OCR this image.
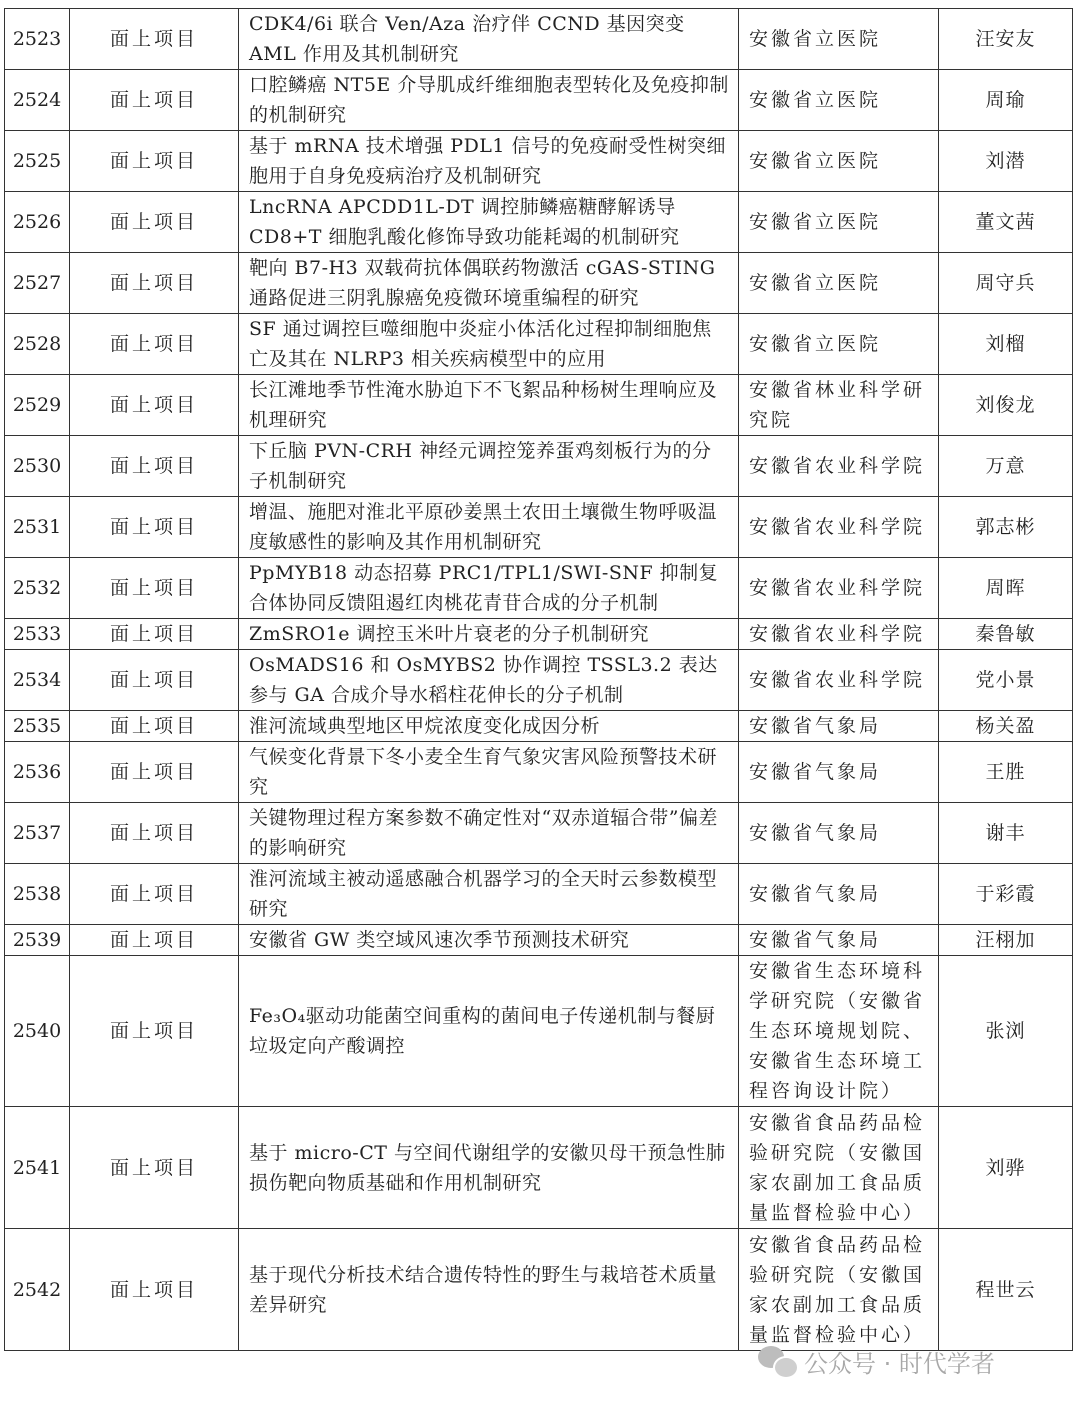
2523	面上项目	CDK4/6i 联合 Ven/Aza 治疗伴 CCND 基因突变 AML 作用及其机制研究	安徽省立医院	汪安友
2524	面上项目	口腔鳞癌 NT5E 介导肌成纤维细胞表型转化及免疫抑制的机制研究	安徽省立医院	周瑜
2525	面上项目	基于 mRNA 技术增强 PDL1 信号的免疫耐受性树突细胞用于自身免疫病治疗及机制研究	安徽省立医院	刘潜
2526	面上项目	LncRNA APCDD1L-DT 调控肺鳞癌糖酵解诱导 CD8+T 细胞乳酸化修饰导致功能耗竭的机制研究	安徽省立医院	董文茜
2527	面上项目	靶向 B7-H3 双载荷抗体偶联药物激活 cGAS-STING 通路促进三阴乳腺癌免疫微环境重编程的研究	安徽省立医院	周守兵
2528	面上项目	SF 通过调控巨噬细胞中炎症小体活化过程抑制细胞焦亡及其在 NLRP3 相关疾病模型中的应用	安徽省立医院	刘榴
2529	面上项目	长江滩地季节性淹水胁迫下不飞絮品种杨树生理响应及机理研究	安徽省林业科学研究院	刘俊龙
2530	面上项目	下丘脑 PVN-CRH 神经元调控笼养蛋鸡刻板行为的分子机制研究	安徽省农业科学院	万意
2531	面上项目	增温、施肥对淮北平原砂姜黑土农田土壤微生物呼吸温度敏感性的影响及其作用机制研究	安徽省农业科学院	郭志彬
2532	面上项目	PpMYB18 动态招募 PRC1/TPL1/SWI-SNF 抑制复合体协同反馈阻遏红肉桃花青苷合成的分子机制	安徽省农业科学院	周晖
2533	面上项目	ZmSRO1e 调控玉米叶片衰老的分子机制研究	安徽省农业科学院	秦鲁敏
2534	面上项目	OsMADS16 和 OsMYBS2 协作调控 TSSL3.2 表达参与 GA 合成介导水稻柱花伸长的分子机制	安徽省农业科学院	党小景
2535	面上项目	淮河流域典型地区甲烷浓度变化成因分析	安徽省气象局	杨关盈
2536	面上项目	气候变化背景下冬小麦全生育气象灾害风险预警技术研究	安徽省气象局	王胜
2537	面上项目	关键物理过程方案参数不确定性对“双赤道辐合带”偏差的影响研究	安徽省气象局	谢丰
2538	面上项目	淮河流域主被动遥感融合机器学习的全天时云参数模型研究	安徽省气象局	于彩霞
2539	面上项目	安徽省 GW 类空域风速次季节预测技术研究	安徽省气象局	汪栩加
2540	面上项目	Fe₃O₄驱动功能菌空间重构的菌间电子传递机制与餐厨垃圾定向产酸调控	安徽省生态环境科学研究院（安徽省生态环境规划院、安徽省生态环境工程咨询设计院）	张浏
2541	面上项目	基于 micro-CT 与空间代谢组学的安徽贝母干预急性肺损伤靶向物质基础和作用机制研究	安徽省食品药品检验研究院（安徽国家农副加工食品质量监督检验中心）	刘骅
2542	面上项目	基于现代分析技术结合遗传特性的野生与栽培苍术质量差异研究	安徽省食品药品检验研究院（安徽国家农副加工食品质量监督检验中心）	程世云
公众号 · 时代学者
